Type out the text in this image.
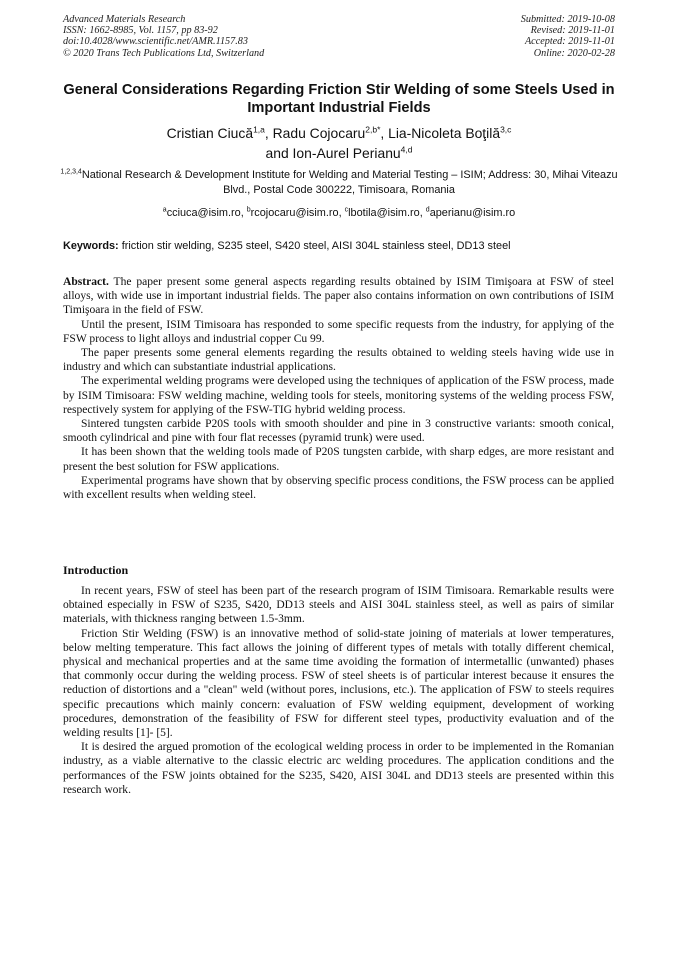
Advanced Materials Research
ISSN: 1662-8985, Vol. 1157, pp 83-92
doi:10.4028/www.scientific.net/AMR.1157.83
© 2020 Trans Tech Publications Ltd, Switzerland
Submitted: 2019-10-08
Revised: 2019-11-01
Accepted: 2019-11-01
Online: 2020-02-28
General Considerations Regarding Friction Stir Welding of some Steels Used in Important Industrial Fields
Cristian Ciucă$^{1,a}$, Radu Cojocaru$^{2,b*}$, Lia-Nicoleta Boţilă$^{3,c}$
and Ion-Aurel Perianu$^{4,d}$
$^{1,2,3,4}$National Research & Development Institute for Welding and Material Testing – ISIM; Address: 30, Mihai Viteazu Blvd., Postal Code 300222, Timisoara, Romania
$^a$cciuca@isim.ro, $^b$rcojocaru@isim.ro, $^c$lbotila@isim.ro, $^d$aperianu@isim.ro
Keywords: friction stir welding, S235 steel, S420 steel, AISI 304L stainless steel, DD13 steel

Abstract. The paper present some general aspects regarding results obtained by ISIM Timişoara at FSW of steel alloys, with wide use in important industrial fields. The paper also contains information on own contributions of ISIM Timişoara in the field of FSW.

Until the present, ISIM Timisoara has responded to some specific requests from the industry, for applying of the FSW process to light alloys and industrial copper Cu 99.

The paper presents some general elements regarding the results obtained to welding steels having wide use in industry and which can substantiate industrial applications.

The experimental welding programs were developed using the techniques of application of the FSW process, made by ISIM Timisoara: FSW welding machine, welding tools for steels, monitoring systems of the welding process FSW, respectively system for applying of the FSW-TIG hybrid welding process.

Sintered tungsten carbide P20S tools with smooth shoulder and pine in 3 constructive variants: smooth conical, smooth cylindrical and pine with four flat recesses (pyramid trunk) were used.

It has been shown that the welding tools made of P20S tungsten carbide, with sharp edges, are more resistant and present the best solution for FSW applications.

Experimental programs have shown that by observing specific process conditions, the FSW process can be applied with excellent results when welding steel.

Introduction

In recent years, FSW of steel has been part of the research program of ISIM Timisoara. Remarkable results were obtained especially in FSW of S235, S420, DD13 steels and AISI 304L stainless steel, as well as pairs of similar materials, with thickness ranging between 1.5-3mm.

Friction Stir Welding (FSW) is an innovative method of solid-state joining of materials at lower temperatures, below melting temperature. This fact allows the joining of different types of metals with totally different chemical, physical and mechanical properties and at the same time avoiding the formation of intermetallic (unwanted) phases that commonly occur during the welding process. FSW of steel sheets is of particular interest because it ensures the reduction of distortions and a "clean" weld (without pores, inclusions, etc.). The application of FSW to steels requires specific precautions which mainly concern: evaluation of FSW welding equipment, development of working procedures, demonstration of the feasibility of FSW for different steel types, productivity evaluation and of the welding results [1]- [5].

It is desired the argued promotion of the ecological welding process in order to be implemented in the Romanian industry, as a viable alternative to the classic electric arc welding procedures. The application conditions and the performances of the FSW joints obtained for the S235, S420, AISI 304L and DD13 steels are presented within this research work.
